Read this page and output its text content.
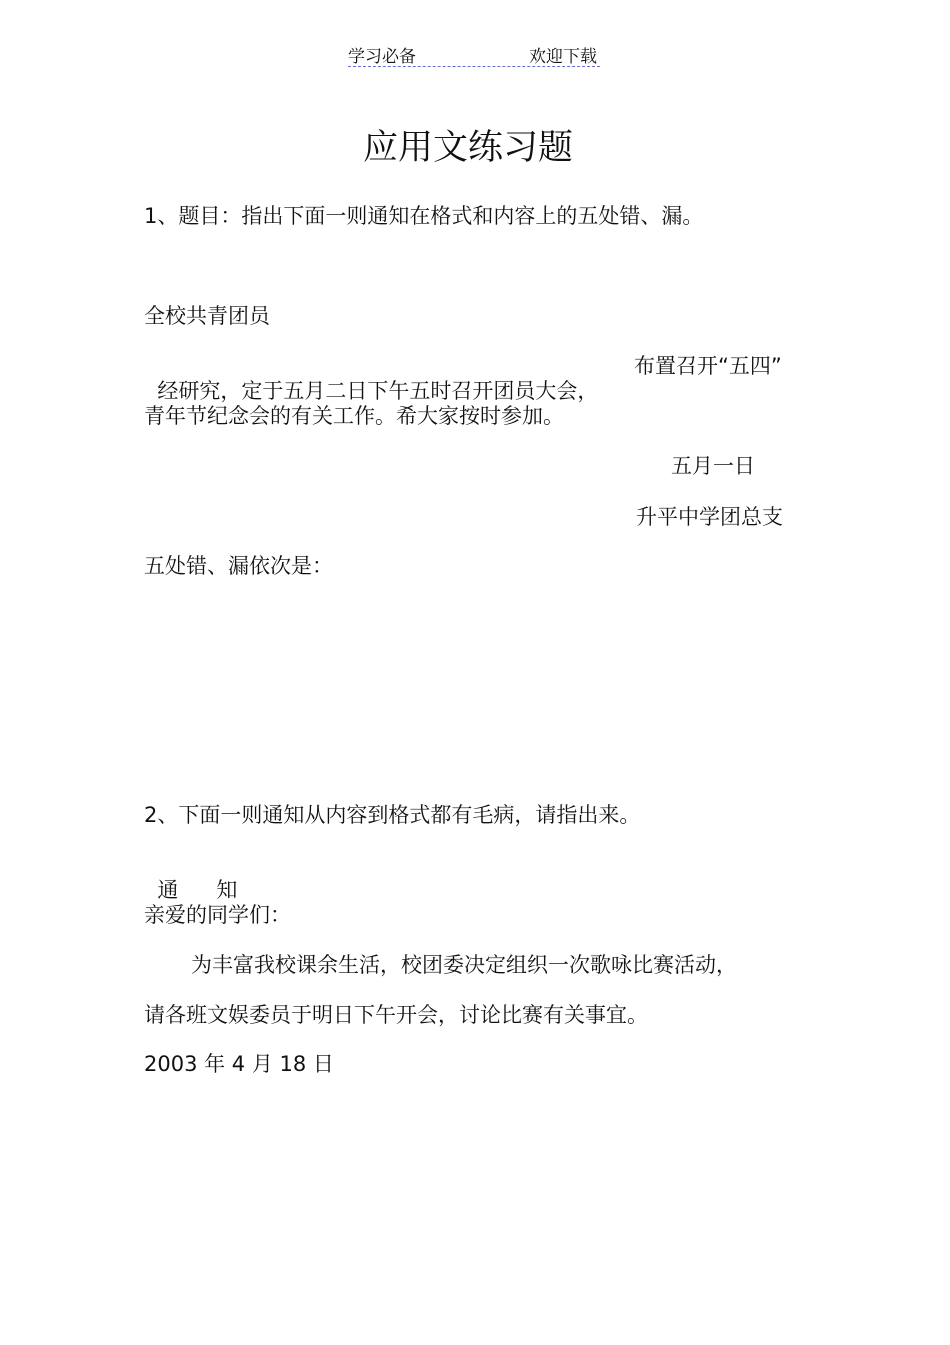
学习必备	欢迎下载
应用文练习题
1、题目：指出下面一则通知在格式和内容上的五处错、漏。
全校共青团员

经研究，定于五月二日下午五时召开团员大会，

布置召开“五四”
青年节纪念会的有关工作。希大家按时参加。
五月一日
升平中学团总支
五处错、漏依次是：
2、下面一则通知从内容到格式都有毛病，请指出来。

通 知

亲爱的同学们：
为丰富我校课余生活，校团委决定组织一次歌咏比赛活动，
请各班文娱委员于明日下午开会，讨论比赛有关事宜。
2003 年 4 月 18 日
